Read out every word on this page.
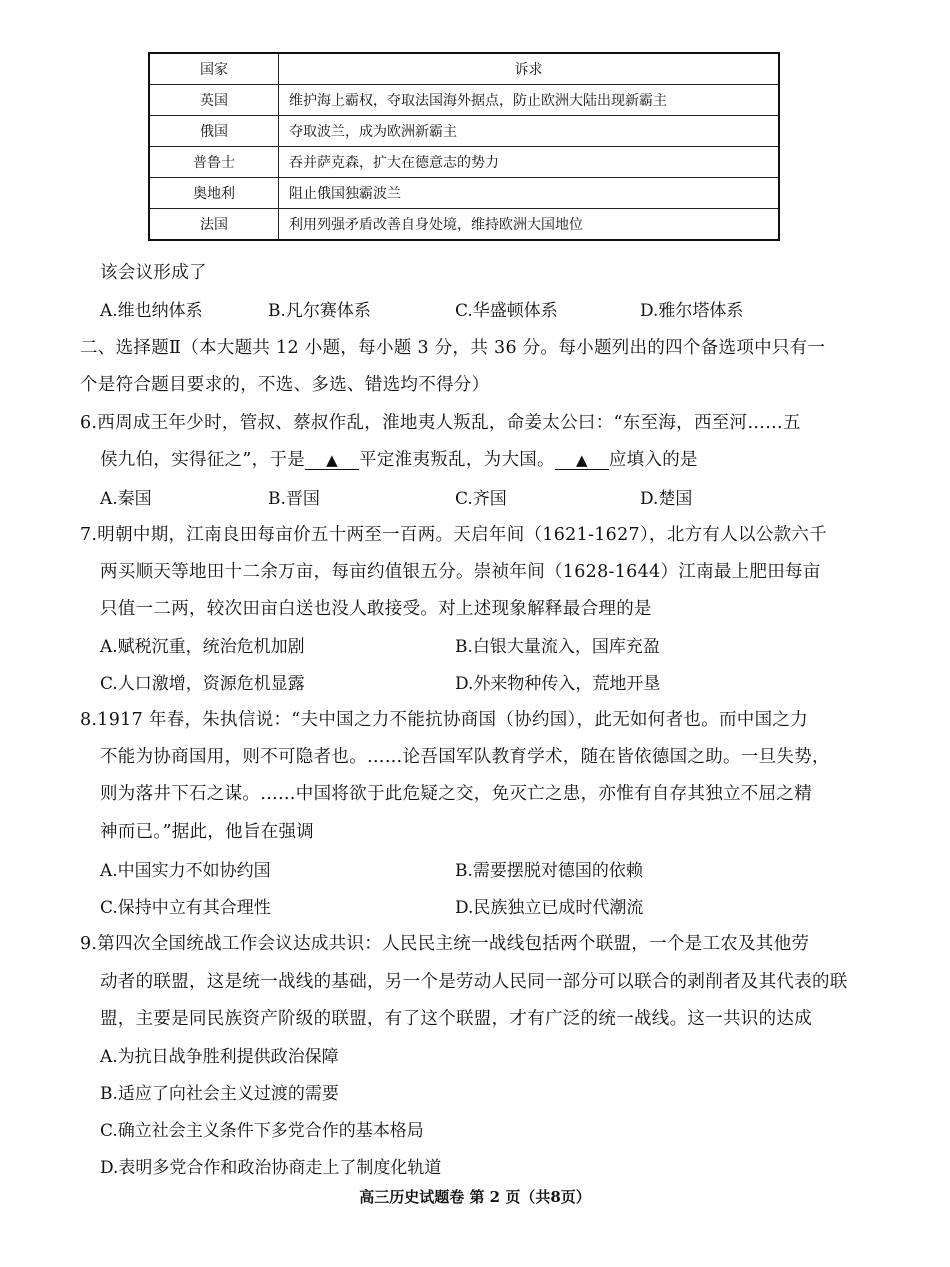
国家	诉求
英国	维护海上霸权，夺取法国海外据点，防止欧洲大陆出现新霸主
俄国	夺取波兰，成为欧洲新霸主
普鲁士	吞并萨克森，扩大在德意志的势力
奥地利	阻止俄国独霸波兰
法国	利用列强矛盾改善自身处境，维持欧洲大国地位
该会议形成了
A.维也纳体系	B.凡尔赛体系	C.华盛顿体系	D.雅尔塔体系
二、选择题Ⅱ（本大题共 12 小题，每小题 3 分，共 36 分。每小题列出的四个备选项中只有一
个是符合题目要求的，不选、多选、错选均不得分）
6.西周成王年少时，管叔、蔡叔作乱，淮地夷人叛乱，命姜太公曰：“东至海，西至河……五
侯九伯，实得征之”，于是 ▲ 平定淮夷叛乱，为大国。 ▲ 应填入的是
A.秦国	B.晋国	C.齐国	D.楚国
7.明朝中期，江南良田每亩价五十两至一百两。天启年间（1621-1627），北方有人以公款六千
两买顺天等地田十二余万亩，每亩约值银五分。崇祯年间（1628-1644）江南最上肥田每亩
只值一二两，较次田亩白送也没人敢接受。对上述现象解释最合理的是
A.赋税沉重，统治危机加剧	B.白银大量流入，国库充盈
C.人口激增，资源危机显露	D.外来物种传入，荒地开垦
8.1917 年春，朱执信说：“夫中国之力不能抗协商国（协约国），此无如何者也。而中国之力
不能为协商国用，则不可隐者也。……论吾国军队教育学术，随在皆依德国之助。一旦失势，
则为落井下石之谋。……中国将欲于此危疑之交，免灭亡之患，亦惟有自存其独立不屈之精
神而已。”据此，他旨在强调
A.中国实力不如协约国	B.需要摆脱对德国的依赖
C.保持中立有其合理性	D.民族独立已成时代潮流
9.第四次全国统战工作会议达成共识：人民民主统一战线包括两个联盟，一个是工农及其他劳
动者的联盟，这是统一战线的基础，另一个是劳动人民同一部分可以联合的剥削者及其代表的联
盟，主要是同民族资产阶级的联盟，有了这个联盟，才有广泛的统一战线。这一共识的达成
A.为抗日战争胜利提供政治保障
B.适应了向社会主义过渡的需要
C.确立社会主义条件下多党合作的基本格局
D.表明多党合作和政治协商走上了制度化轨道
高三历史试题卷 第 2 页（共8页）
